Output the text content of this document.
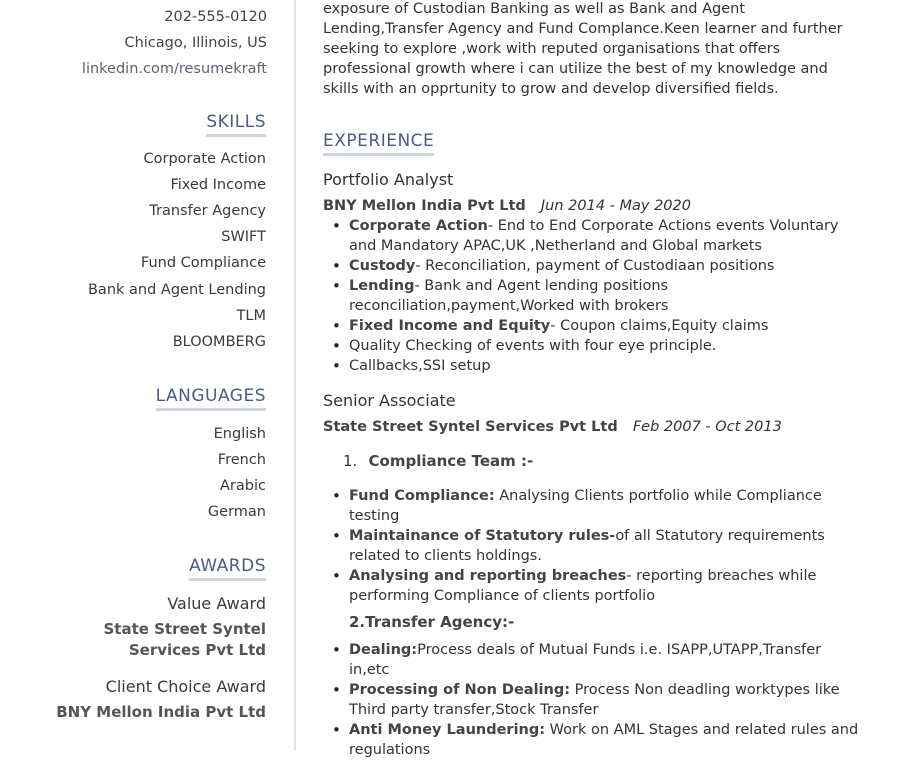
202-555-0120
Chicago, Illinois, US
linkedin.com/resumekraft
SKILLS
Corporate Action
Fixed Income
Transfer Agency
SWIFT
Fund Compliance
Bank and Agent Lending
TLM
BLOOMBERG
LANGUAGES
English
French
Arabic
German
AWARDS
Value Award
State Street Syntel
Services Pvt Ltd
Client Choice Award
BNY Mellon India Pvt Ltd
exposure of Custodian Banking as well as Bank and Agent Lending,Transfer Agency and Fund Complance.Keen learner and further seeking to explore ,work with reputed organisations that offers professional growth where i can utilize the best of my knowledge and skills with an opprtunity to grow and develop diversified fields.
EXPERIENCE
Portfolio Analyst
BNY Mellon India Pvt Ltd Jun 2014 - May 2020
• Corporate Action- End to End Corporate Actions events Voluntary and Mandatory APAC,UK ,Netherland and Global markets
• Custody- Reconciliation, payment of Custodiaan positions
• Lending- Bank and Agent lending positions reconciliation,payment,Worked with brokers
• Fixed Income and Equity- Coupon claims,Equity claims
• Quality Checking of events with four eye principle.
• Callbacks,SSI setup
Senior Associate
State Street Syntel Services Pvt Ltd Feb 2007 - Oct 2013
1. Compliance Team :-
• Fund Compliance: Analysing Clients portfolio while Compliance testing
• Maintainance of Statutory rules-of all Statutory requirements related to clients holdings.
• Analysing and reporting breaches- reporting breaches while performing Compliance of clients portfolio
2.Transfer Agency:-
• Dealing:Process deals of Mutual Funds i.e. ISAPP,UTAPP,Transfer in,etc
• Processing of Non Dealing: Process Non deadling worktypes like Third party transfer,Stock Transfer
• Anti Money Laundering: Work on AML Stages and related rules and regulations
